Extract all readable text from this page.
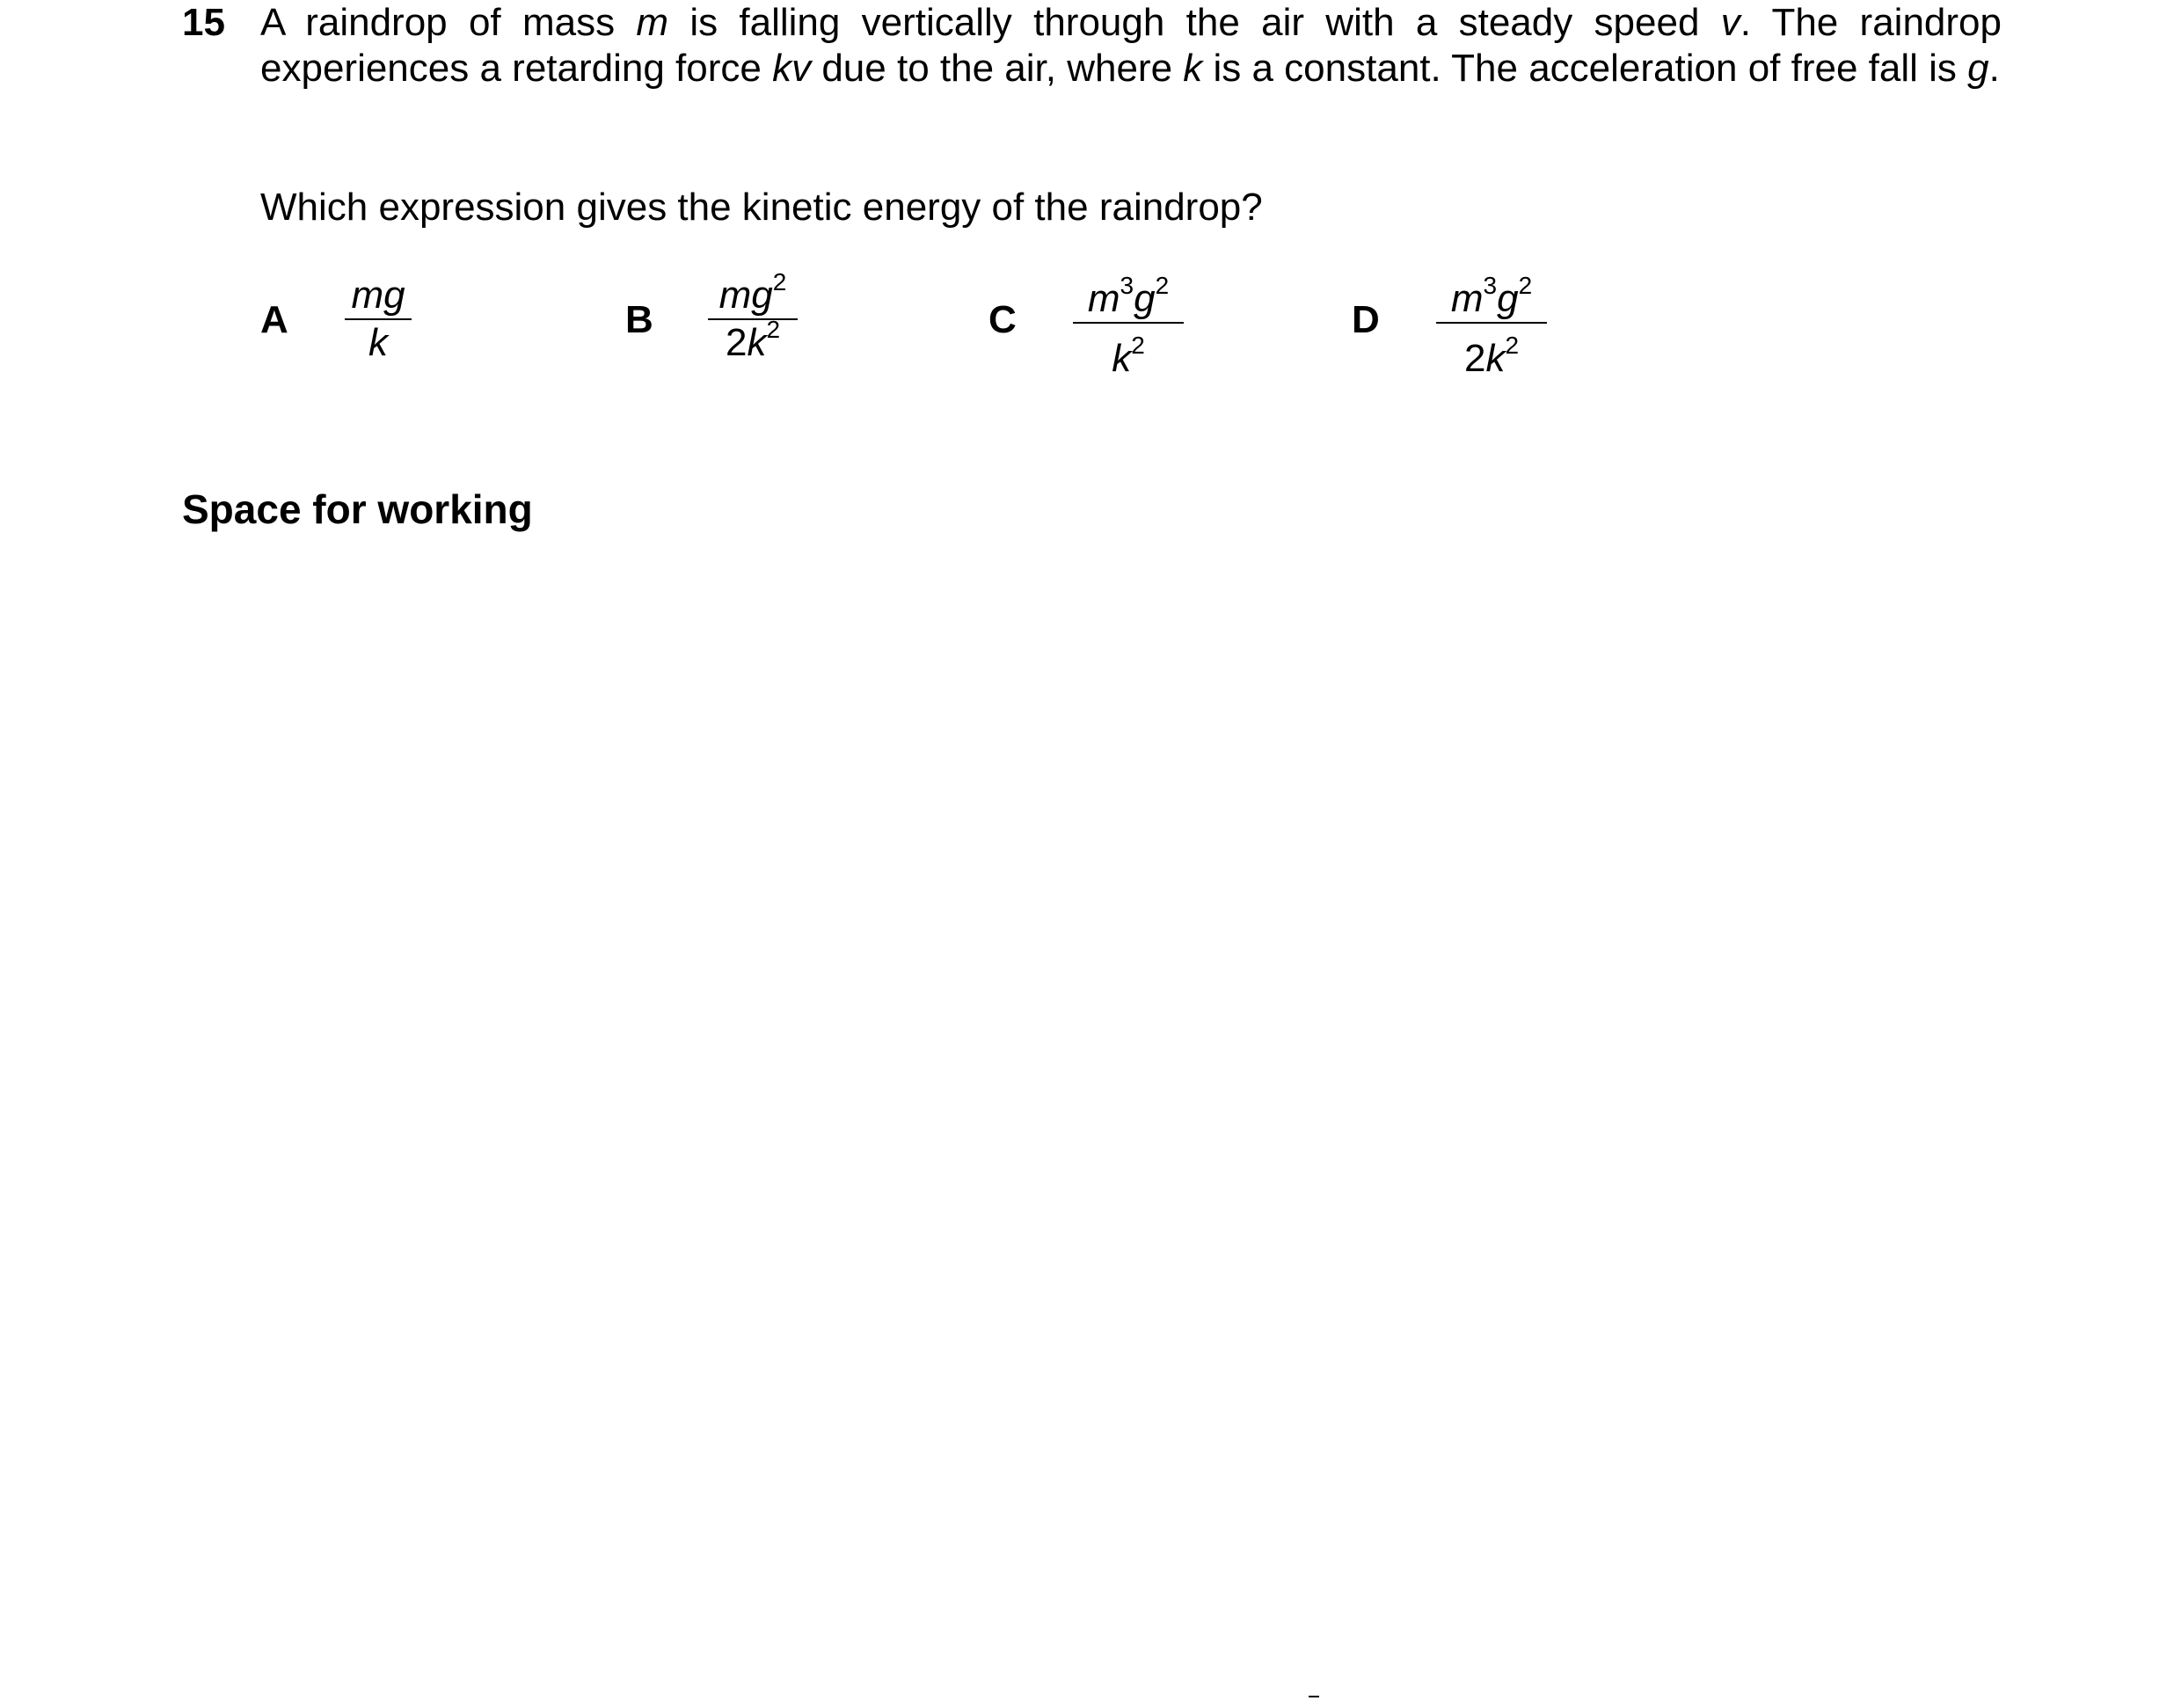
15 A raindrop of mass m is falling vertically through the air with a steady speed v. The raindrop experiences a retarding force kv due to the air, where k is a constant. The acceleration of free fall is g.
Which expression gives the kinetic energy of the raindrop?
A
mg
k
B
$mg^2$
$2k^2$	C	$m^3g^2$
$k^2$
D	$m^3g^2$
$2k^2$
Space for working
